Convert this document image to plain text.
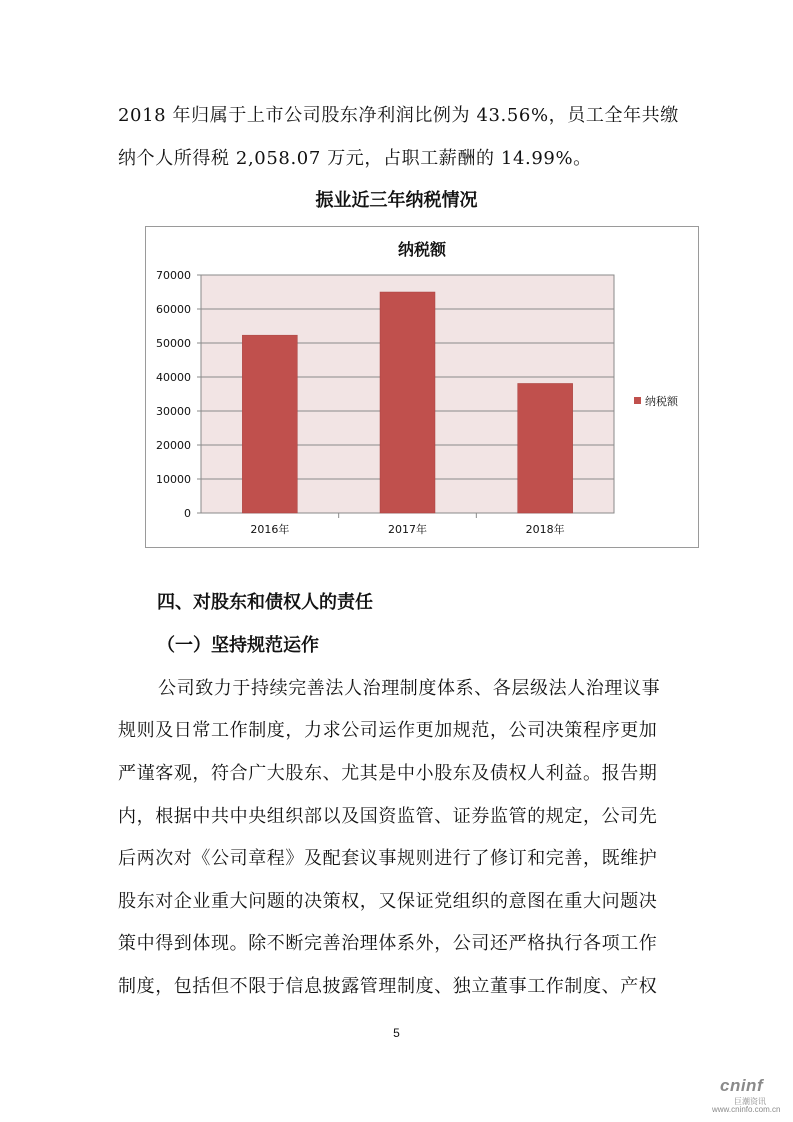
2018 年归属于上市公司股东净利润比例为 43.56%，员工全年共缴
纳个人所得税 2,058.07 万元，占职工薪酬的 14.99%。
振业近三年纳税情况
纳税额
0
10000
20000
30000
40000
50000
60000
70000
2016年	2017年	2018年
纳税额
四、对股东和债权人的责任
（一）坚持规范运作
公司致力于持续完善法人治理制度体系、各层级法人治理议事
规则及日常工作制度，力求公司运作更加规范，公司决策程序更加
严谨客观，符合广大股东、尤其是中小股东及债权人利益。报告期
内，根据中共中央组织部以及国资监管、证券监管的规定，公司先
后两次对《公司章程》及配套议事规则进行了修订和完善，既维护
股东对企业重大问题的决策权，又保证党组织的意图在重大问题决
策中得到体现。除不断完善治理体系外，公司还严格执行各项工作
制度，包括但不限于信息披露管理制度、独立董事工作制度、产权
5
cninf
巨潮资讯
www.cninfo.com.cn
